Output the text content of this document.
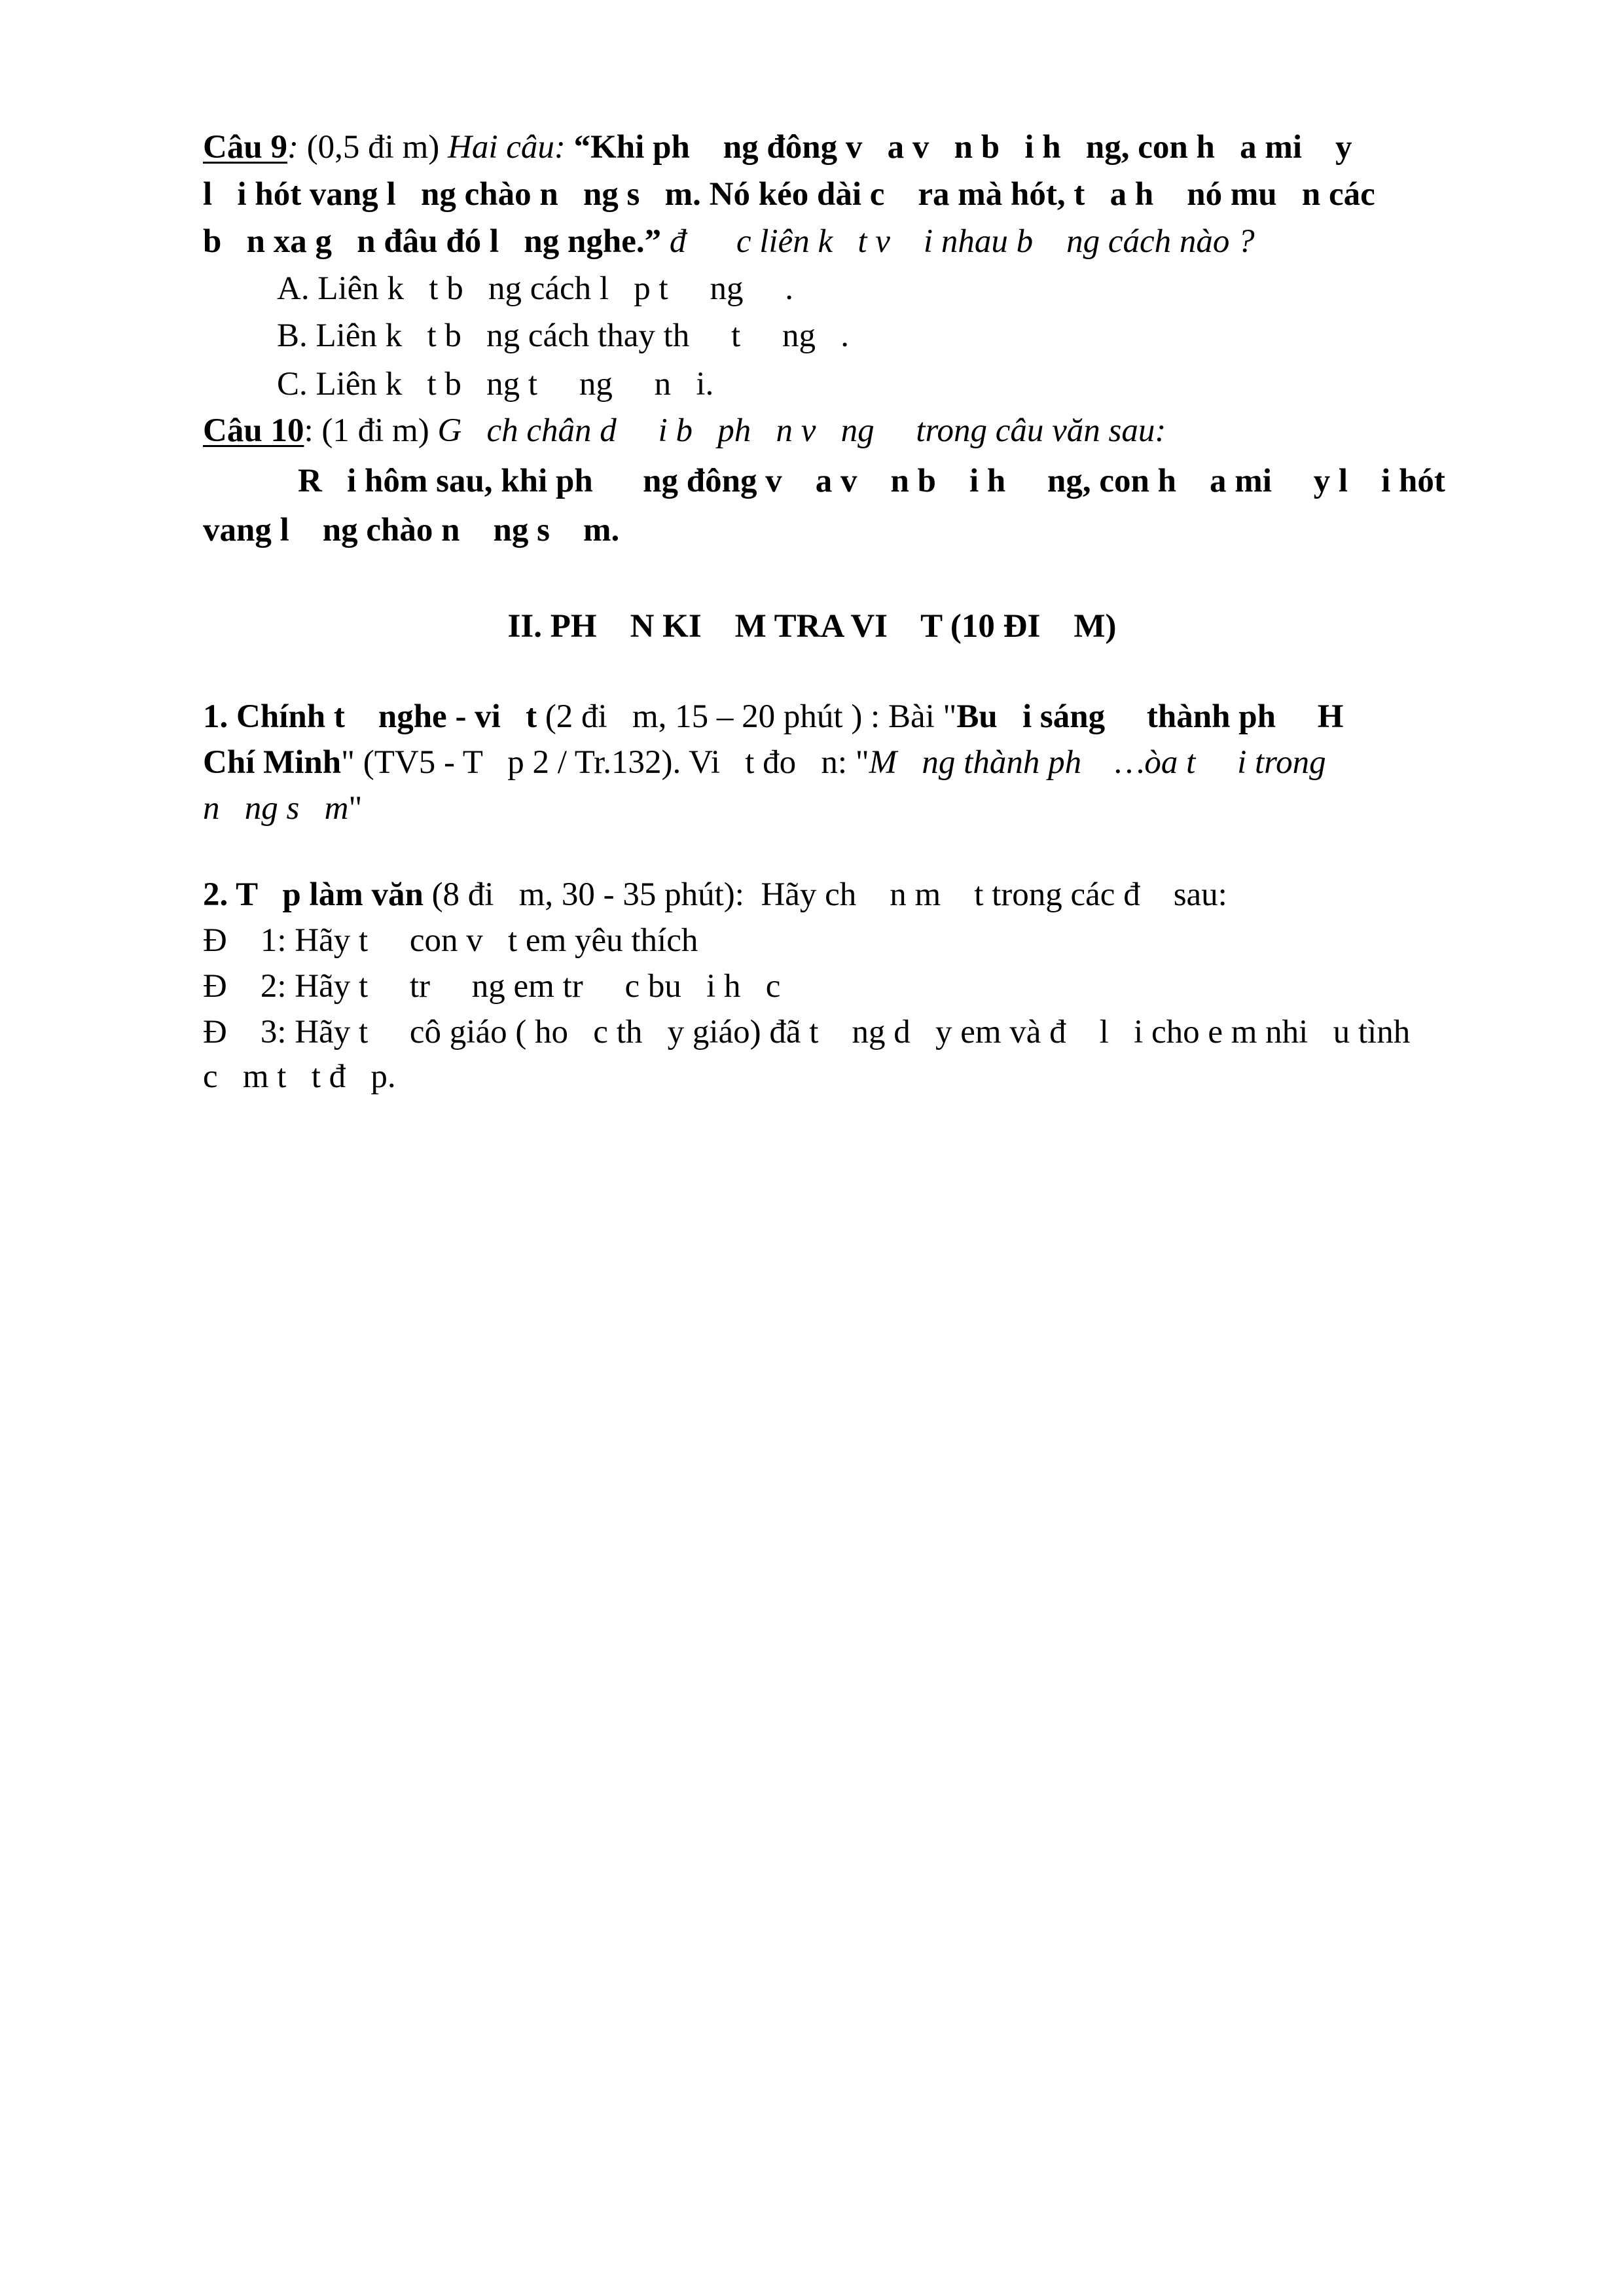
Câu 9: (0,5 đi m) Hai câu: “Khi ph    ng đông v   a v   n b   i h   ng, con h   a mi    y
l   i hót vang l   ng chào n   ng s   m. Nó kéo dài c    ra mà hót, t   a h    nó mu   n các
b   n xa g   n đâu đó l   ng nghe.” đ      c liên k   t v    i nhau b    ng cách nào ?
A. Liên k   t b   ng cách l   p t     ng     .
B. Liên k   t b   ng cách thay th     t     ng   .
C. Liên k   t b   ng t     ng     n   i.
Câu 10: (1 đi m) G   ch chân d     i b   ph   n v   ng     trong câu văn sau:
R   i hôm sau, khi ph      ng đông v    a v    n b    i h     ng, con h    a mi     y l    i hót
vang l    ng chào n    ng s    m.
II. PH    N KI    M TRA VI    T (10 ĐI    M)
1. Chính t    nghe - vi   t (2 đi   m, 15 – 20 phút ) : Bài "Bu   i sáng     thành ph     H
Chí Minh" (TV5 - T   p 2 / Tr.132). Vi   t đo   n: "M   ng thành ph    …òa t     i trong
n   ng s   m"
2. T   p làm văn (8 đi   m, 30 - 35 phút):  Hãy ch    n m    t trong các đ    sau:
Đ    1: Hãy t     con v   t em yêu thích
Đ    2: Hãy t     tr     ng em tr     c bu   i h   c
Đ    3: Hãy t     cô giáo ( ho   c th   y giáo) đã t    ng d   y em và đ    l   i cho e m nhi   u tình
c   m t   t đ   p.
